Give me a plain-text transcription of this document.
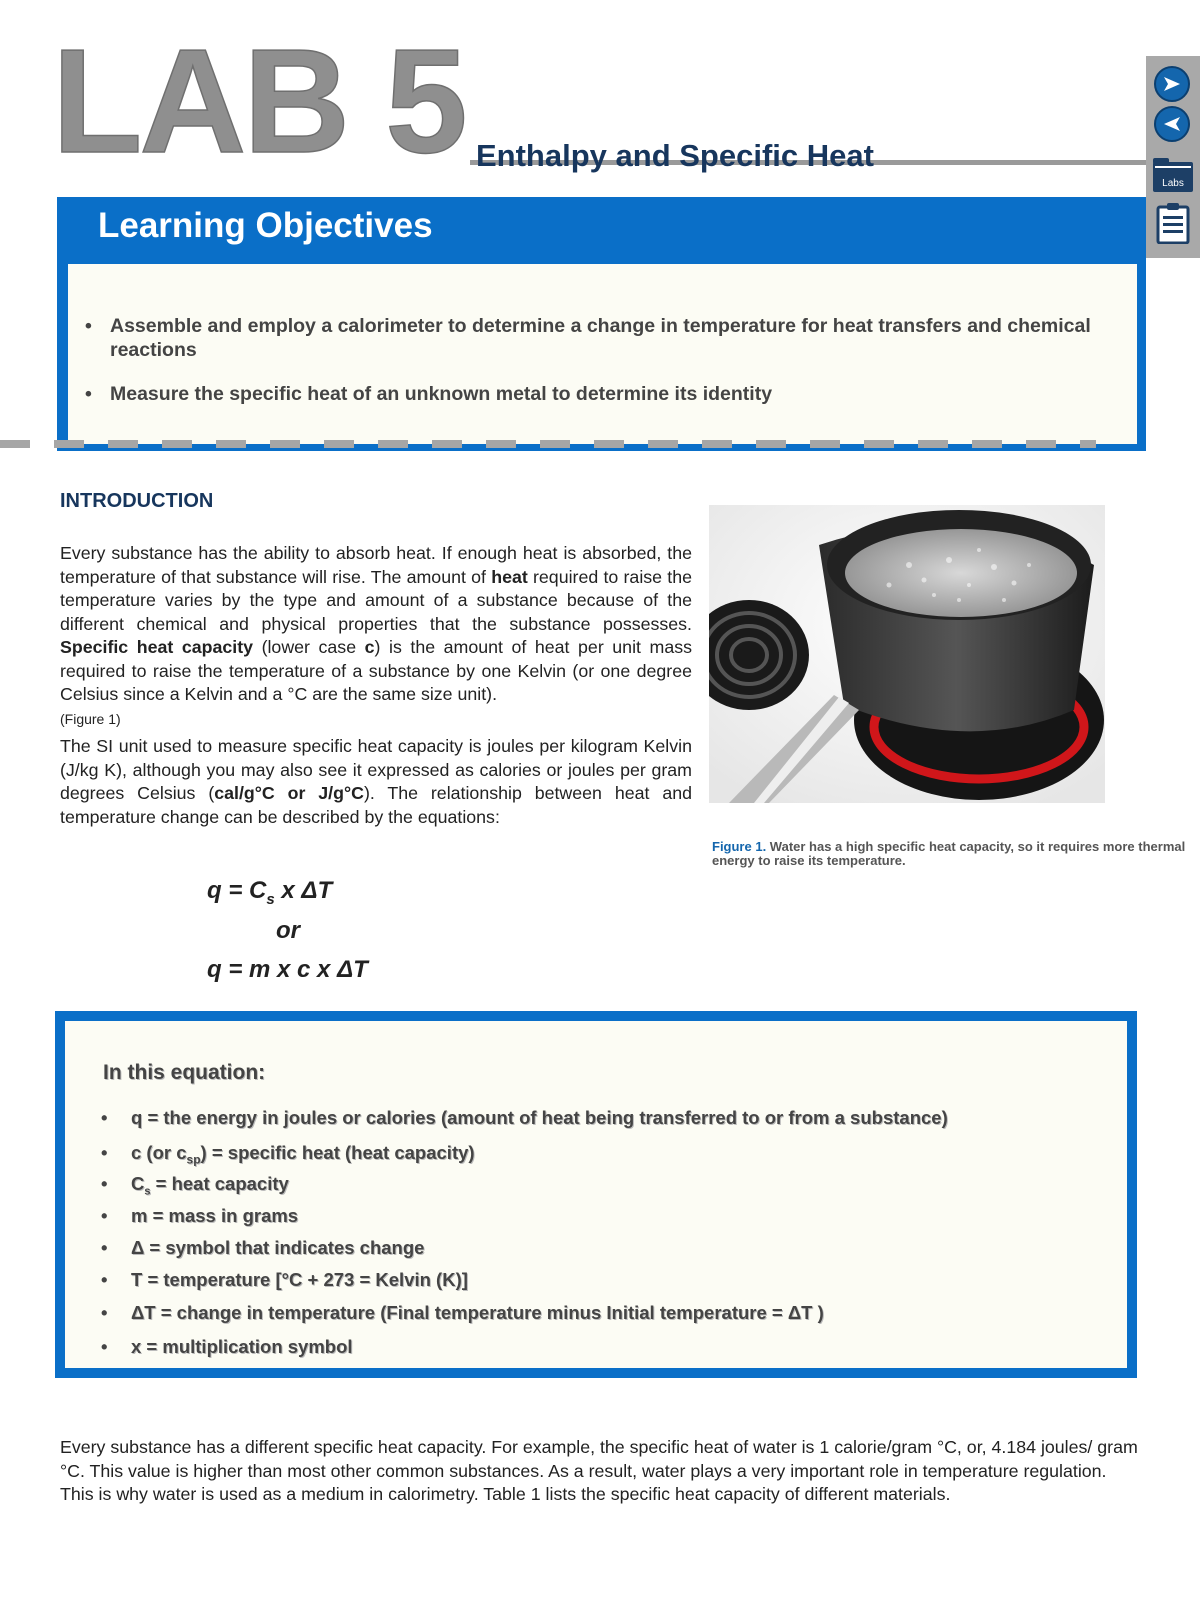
LAB 5 Enthalpy and Specific Heat
Labs
Learning Objectives
• Assemble and employ a calorimeter to determine a change in temperature for heat transfers and chemical reactions
• Measure the specific heat of an unknown metal to determine its identity
INTRODUCTION
Every substance has the ability to absorb heat. If enough heat is absorbed, the temperature of that substance will rise. The amount of heat required to raise the temperature varies by the type and amount of a substance because of the different chemical and physical properties that the substance possesses. Specific heat capacity (lower case c) is the amount of heat per unit mass required to raise the temperature of a substance by one Kelvin (or one degree Celsius since a Kelvin and a °C are the same size unit).
(Figure 1)
The SI unit used to measure specific heat capacity is joules per kilogram Kelvin (J/kg K), although you may also see it expressed as calories or joules per gram degrees Celsius (cal/g°C or J/g°C). The relationship between heat and temperature change can be described by the equations:
Figure 1. Water has a high specific heat capacity, so it requires more thermal energy to raise its temperature.
$q = C_s$ x ΔT
or
q = m x c x ΔT
In this equation:
• q = the energy in joules or calories (amount of heat being transferred to or from a substance)
• c (or $c_{sp}$) = specific heat (heat capacity)
• $C_s$ = heat capacity
• m = mass in grams
• Δ = symbol that indicates change
• T = temperature [°C + 273 = Kelvin (K)]
• ΔT = change in temperature (Final temperature minus Initial temperature = ΔT )
• x = multiplication symbol
Every substance has a different specific heat capacity. For example, the specific heat of water is 1 calorie/gram °C, or, 4.184 joules/ gram °C. This value is higher than most other common substances. As a result, water plays a very important role in temperature regulation. This is why water is used as a medium in calorimetry. Table 1 lists the specific heat capacity of different materials.
